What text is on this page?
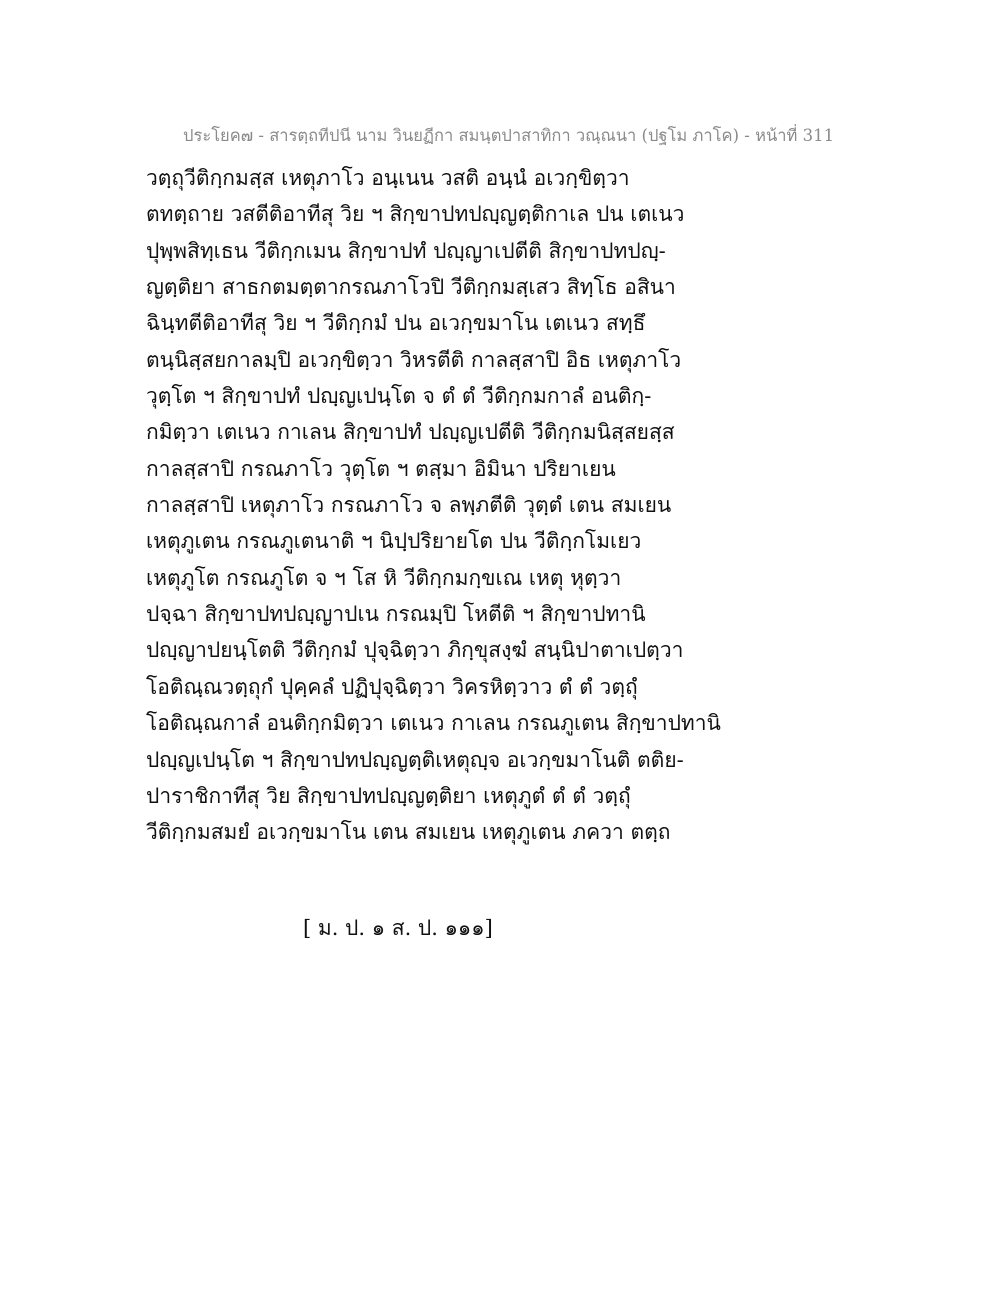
ประโยค๗ - สารตฺถทีปนี นาม วินยฏีกา สมนฺตปาสาทิกา วณฺณนา (ปฐโม ภาโค) - หน้าที่ 311
วตฺถุวีติกฺกมสฺส เหตุภาโว อนฺเนน วสติ อนฺนํ อเวกฺขิตฺวา
ตทตฺถาย วสตีติอาทีสุ วิย ฯ สิกฺขาปทปญฺญตฺติกาเล ปน เตเนว
ปุพฺพสิทฺเธน วีติกฺกเมน สิกฺขาปทํ ปญฺญาเปตีติ สิกฺขาปทปญฺ-
ญตฺติยา สาธกตมตฺตากรณภาโวปิ วีติกฺกมสฺเสว สิทฺโธ อสินา
ฉินฺทตีติอาทีสุ วิย ฯ วีติกฺกมํ ปน อเวกฺขมาโน เตเนว สทฺธึ
ตนฺนิสฺสยกาลมฺปิ อเวกฺขิตฺวา วิหรตีติ กาลสฺสาปิ อิธ เหตุภาโว
วุตฺโต ฯ สิกฺขาปทํ ปญฺญเปนฺโต จ ตํ ตํ วีติกฺกมกาลํ อนติกฺ-
กมิตฺวา เตเนว กาเลน สิกฺขาปทํ ปญฺญเปตีติ วีติกฺกมนิสฺสยสฺส
กาลสฺสาปิ กรณภาโว วุตฺโต ฯ ตสฺมา อิมินา ปริยาเยน
กาลสฺสาปิ เหตุภาโว กรณภาโว จ ลพฺภตีติ วุตฺตํ เตน สมเยน
เหตุภูเตน กรณภูเตนาติ ฯ นิปฺปริยายโต ปน วีติกฺกโมเยว
เหตุภูโต กรณภูโต จ ฯ โส หิ วีติกฺกมกฺขเณ เหตุ หุตฺวา
ปจฺฉา สิกฺขาปทปญฺญาปเน กรณมฺปิ โหตีติ ฯ สิกฺขาปทานิ
ปญฺญาปยนฺโตติ วีติกฺกมํ ปุจฺฉิตฺวา ภิกฺขุสงฺฆํ สนฺนิปาตาเปตฺวา
โอติณฺณวตฺถุกํ ปุคฺคลํ ปฏิปุจฺฉิตฺวา วิครหิตฺวาว ตํ ตํ วตฺถุํ
โอติณฺณกาลํ อนติกฺกมิตฺวา เตเนว กาเลน กรณภูเตน สิกฺขาปทานิ
ปญฺญเปนฺโต ฯ สิกฺขาปทปญฺญตฺติเหตุญฺจ อเวกฺขมาโนติ ตติย-
ปาราชิกาทีสุ วิย สิกฺขาปทปญฺญตฺติยา เหตุภูตํ ตํ ตํ วตฺถุํ
วีติกฺกมสมยํ อเวกฺขมาโน เตน สมเยน เหตุภูเตน ภควา ตตฺถ
[ ม. ป. ๑ ส. ป. ๑๑๑]
